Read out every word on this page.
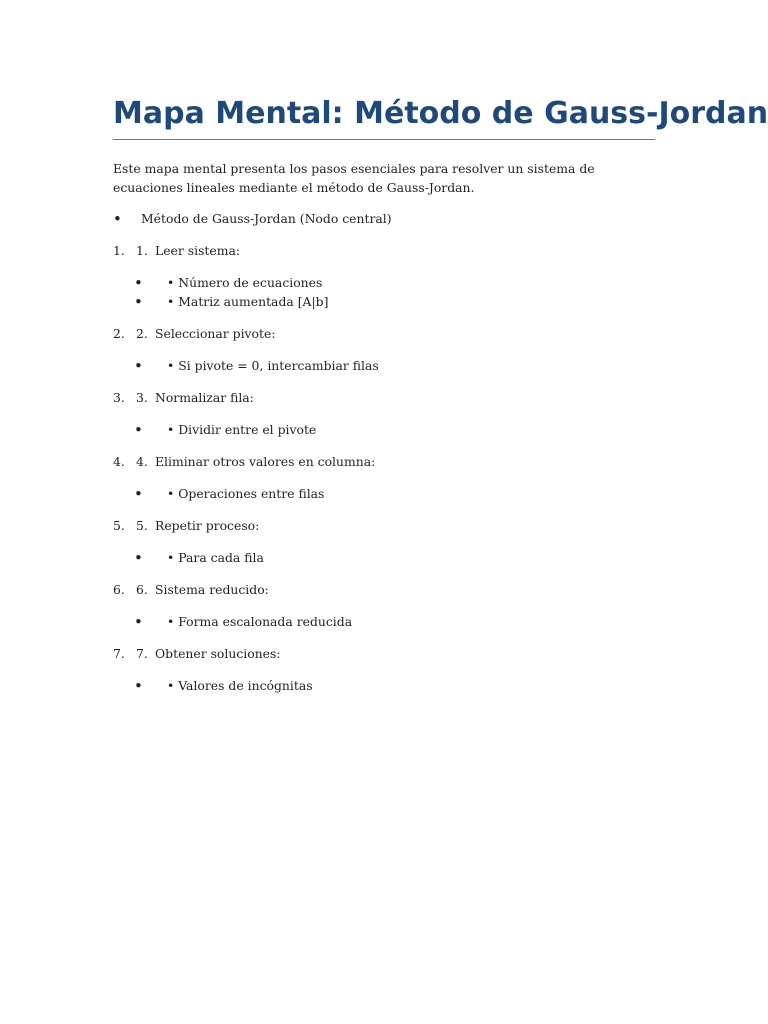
Mapa Mental: Método de Gauss-Jordan

Este mapa mental presenta los pasos esenciales para resolver un sistema de ecuaciones lineales mediante el método de Gauss-Jordan.

• Método de Gauss-Jordan (Nodo central)
1. 1. Leer sistema:
• • Número de ecuaciones
• • Matriz aumentada [A|b]
2. 2. Seleccionar pivote:
• • Si pivote = 0, intercambiar filas
3. 3. Normalizar fila:
• • Dividir entre el pivote
4. 4. Eliminar otros valores en columna:
• • Operaciones entre filas
5. 5. Repetir proceso:
• • Para cada fila
6. 6. Sistema reducido:
• • Forma escalonada reducida
7. 7. Obtener soluciones:
• • Valores de incógnitas
